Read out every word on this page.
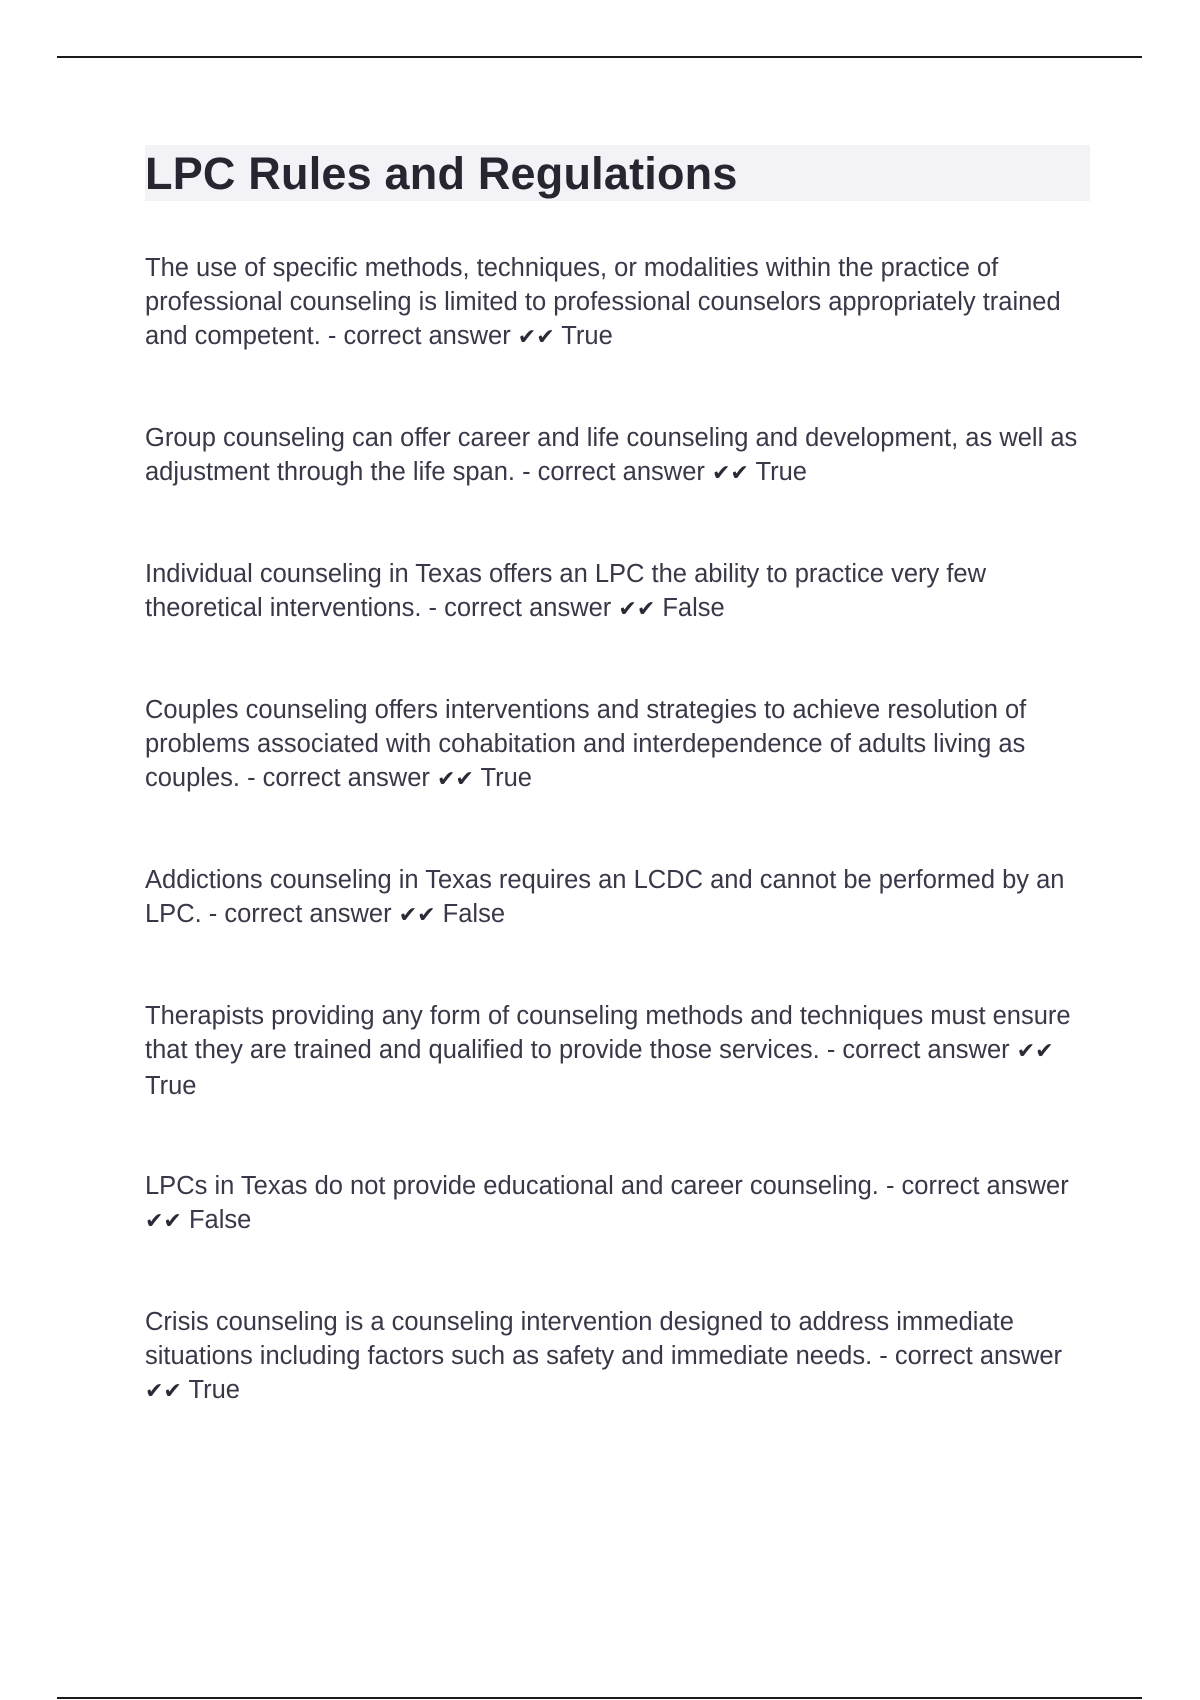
LPC Rules and Regulations
The use of specific methods, techniques, or modalities within the practice of professional counseling is limited to professional counselors appropriately trained and competent. - correct answer ✔✔ True
Group counseling can offer career and life counseling and development, as well as adjustment through the life span. - correct answer ✔✔ True
Individual counseling in Texas offers an LPC the ability to practice very few theoretical interventions. - correct answer ✔✔ False
Couples counseling offers interventions and strategies to achieve resolution of problems associated with cohabitation and interdependence of adults living as couples. - correct answer ✔✔ True
Addictions counseling in Texas requires an LCDC and cannot be performed by an LPC. - correct answer ✔✔ False
Therapists providing any form of counseling methods and techniques must ensure that they are trained and qualified to provide those services. - correct answer ✔✔ True
LPCs in Texas do not provide educational and career counseling. - correct answer ✔✔ False
Crisis counseling is a counseling intervention designed to address immediate situations including factors such as safety and immediate needs. - correct answer ✔✔ True
